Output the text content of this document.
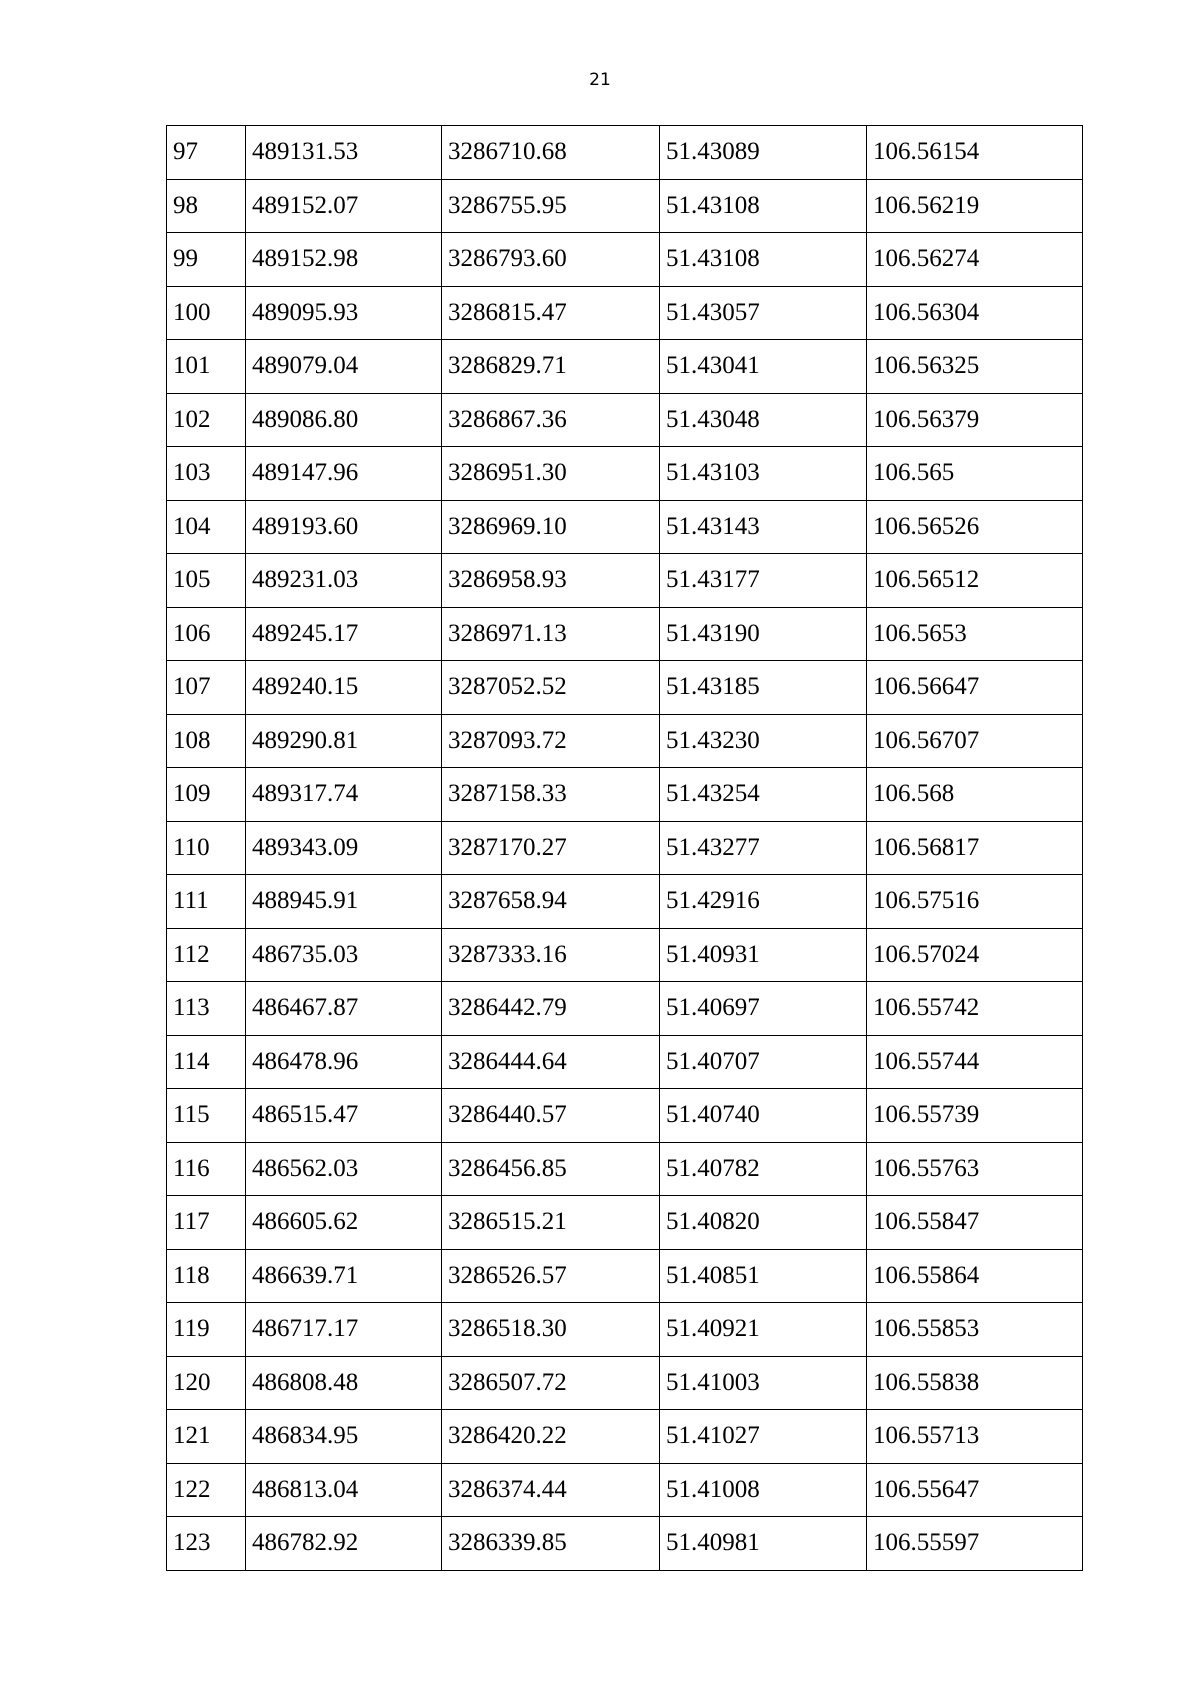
21
97	489131.53	3286710.68	51.43089	106.56154
98	489152.07	3286755.95	51.43108	106.56219
99	489152.98	3286793.60	51.43108	106.56274
100	489095.93	3286815.47	51.43057	106.56304
101	489079.04	3286829.71	51.43041	106.56325
102	489086.80	3286867.36	51.43048	106.56379
103	489147.96	3286951.30	51.43103	106.565
104	489193.60	3286969.10	51.43143	106.56526
105	489231.03	3286958.93	51.43177	106.56512
106	489245.17	3286971.13	51.43190	106.5653
107	489240.15	3287052.52	51.43185	106.56647
108	489290.81	3287093.72	51.43230	106.56707
109	489317.74	3287158.33	51.43254	106.568
110	489343.09	3287170.27	51.43277	106.56817
111	488945.91	3287658.94	51.42916	106.57516
112	486735.03	3287333.16	51.40931	106.57024
113	486467.87	3286442.79	51.40697	106.55742
114	486478.96	3286444.64	51.40707	106.55744
115	486515.47	3286440.57	51.40740	106.55739
116	486562.03	3286456.85	51.40782	106.55763
117	486605.62	3286515.21	51.40820	106.55847
118	486639.71	3286526.57	51.40851	106.55864
119	486717.17	3286518.30	51.40921	106.55853
120	486808.48	3286507.72	51.41003	106.55838
121	486834.95	3286420.22	51.41027	106.55713
122	486813.04	3286374.44	51.41008	106.55647
123	486782.92	3286339.85	51.40981	106.55597
